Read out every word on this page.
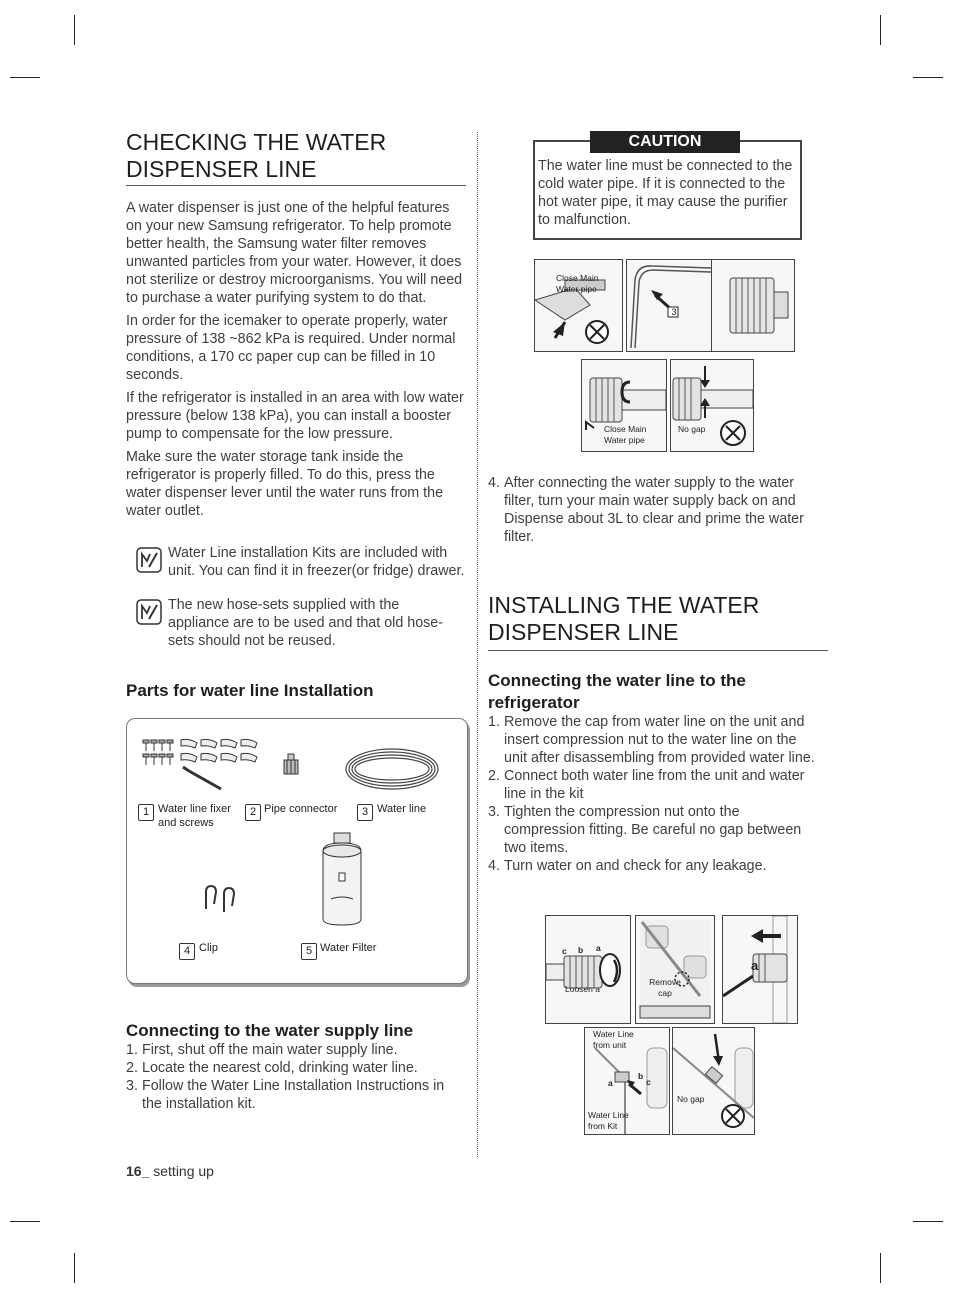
CHECKING THE WATER DISPENSER LINE

A water dispenser is just one of the helpful features on your new Samsung refrigerator. To help promote better health, the Samsung water filter removes unwanted particles from your water. However, it does not sterilize or destroy microorganisms. You will need to purchase a water purifying system to do that.

In order for the icemaker to operate properly, water pressure of 138 ~862 kPa is required. Under normal conditions, a 170 cc paper cup can be filled in 10 seconds.

If the refrigerator is installed in an area with low water pressure (below 138 kPa), you can install a booster pump to compensate for the low pressure.

Make sure the water storage tank inside the refrigerator is properly filled. To do this, press the water dispenser lever until the water runs from the water outlet.

Water Line installation Kits are included with unit. You can find it in freezer(or fridge) drawer.
The new hose-sets supplied with the appliance are to be used and that old hose-sets should not be reused.
Parts for water line Installation
1 Water line fixer and screws
2 Pipe connector	3 Water line
4 Clip	5 Water Filter
Connecting to the water supply line
1. First, shut off the main water supply line.
2. Locate the nearest cold, drinking water line.
3. Follow the Water Line Installation Instructions in the installation kit.
16_ setting up
The water line must be connected to the cold water pipe. If it is connected to the hot water pipe, it may cause the purifier to malfunction.
CAUTION
Close Main Water pipe
3
Close Main Water pipe
No gap
4. After connecting the water supply to the water filter, turn your main water supply back on and Dispense about 3L to clear and prime the water filter.
INSTALLING THE WATER DISPENSER LINE
Connecting the water line to the refrigerator
1. Remove the cap from water line on the unit and insert compression nut to the water line on the unit after disassembling from provided water line.
2. Connect both water line from the unit and water line in the kit
3. Tighten the compression nut onto the compression fitting. Be careful no gap between two items.
4. Turn water on and check for any leakage.
c b a
Loosen a
Remove cap
a
Water Line from unit
Water Line from Kit
a
b
c
No gap
